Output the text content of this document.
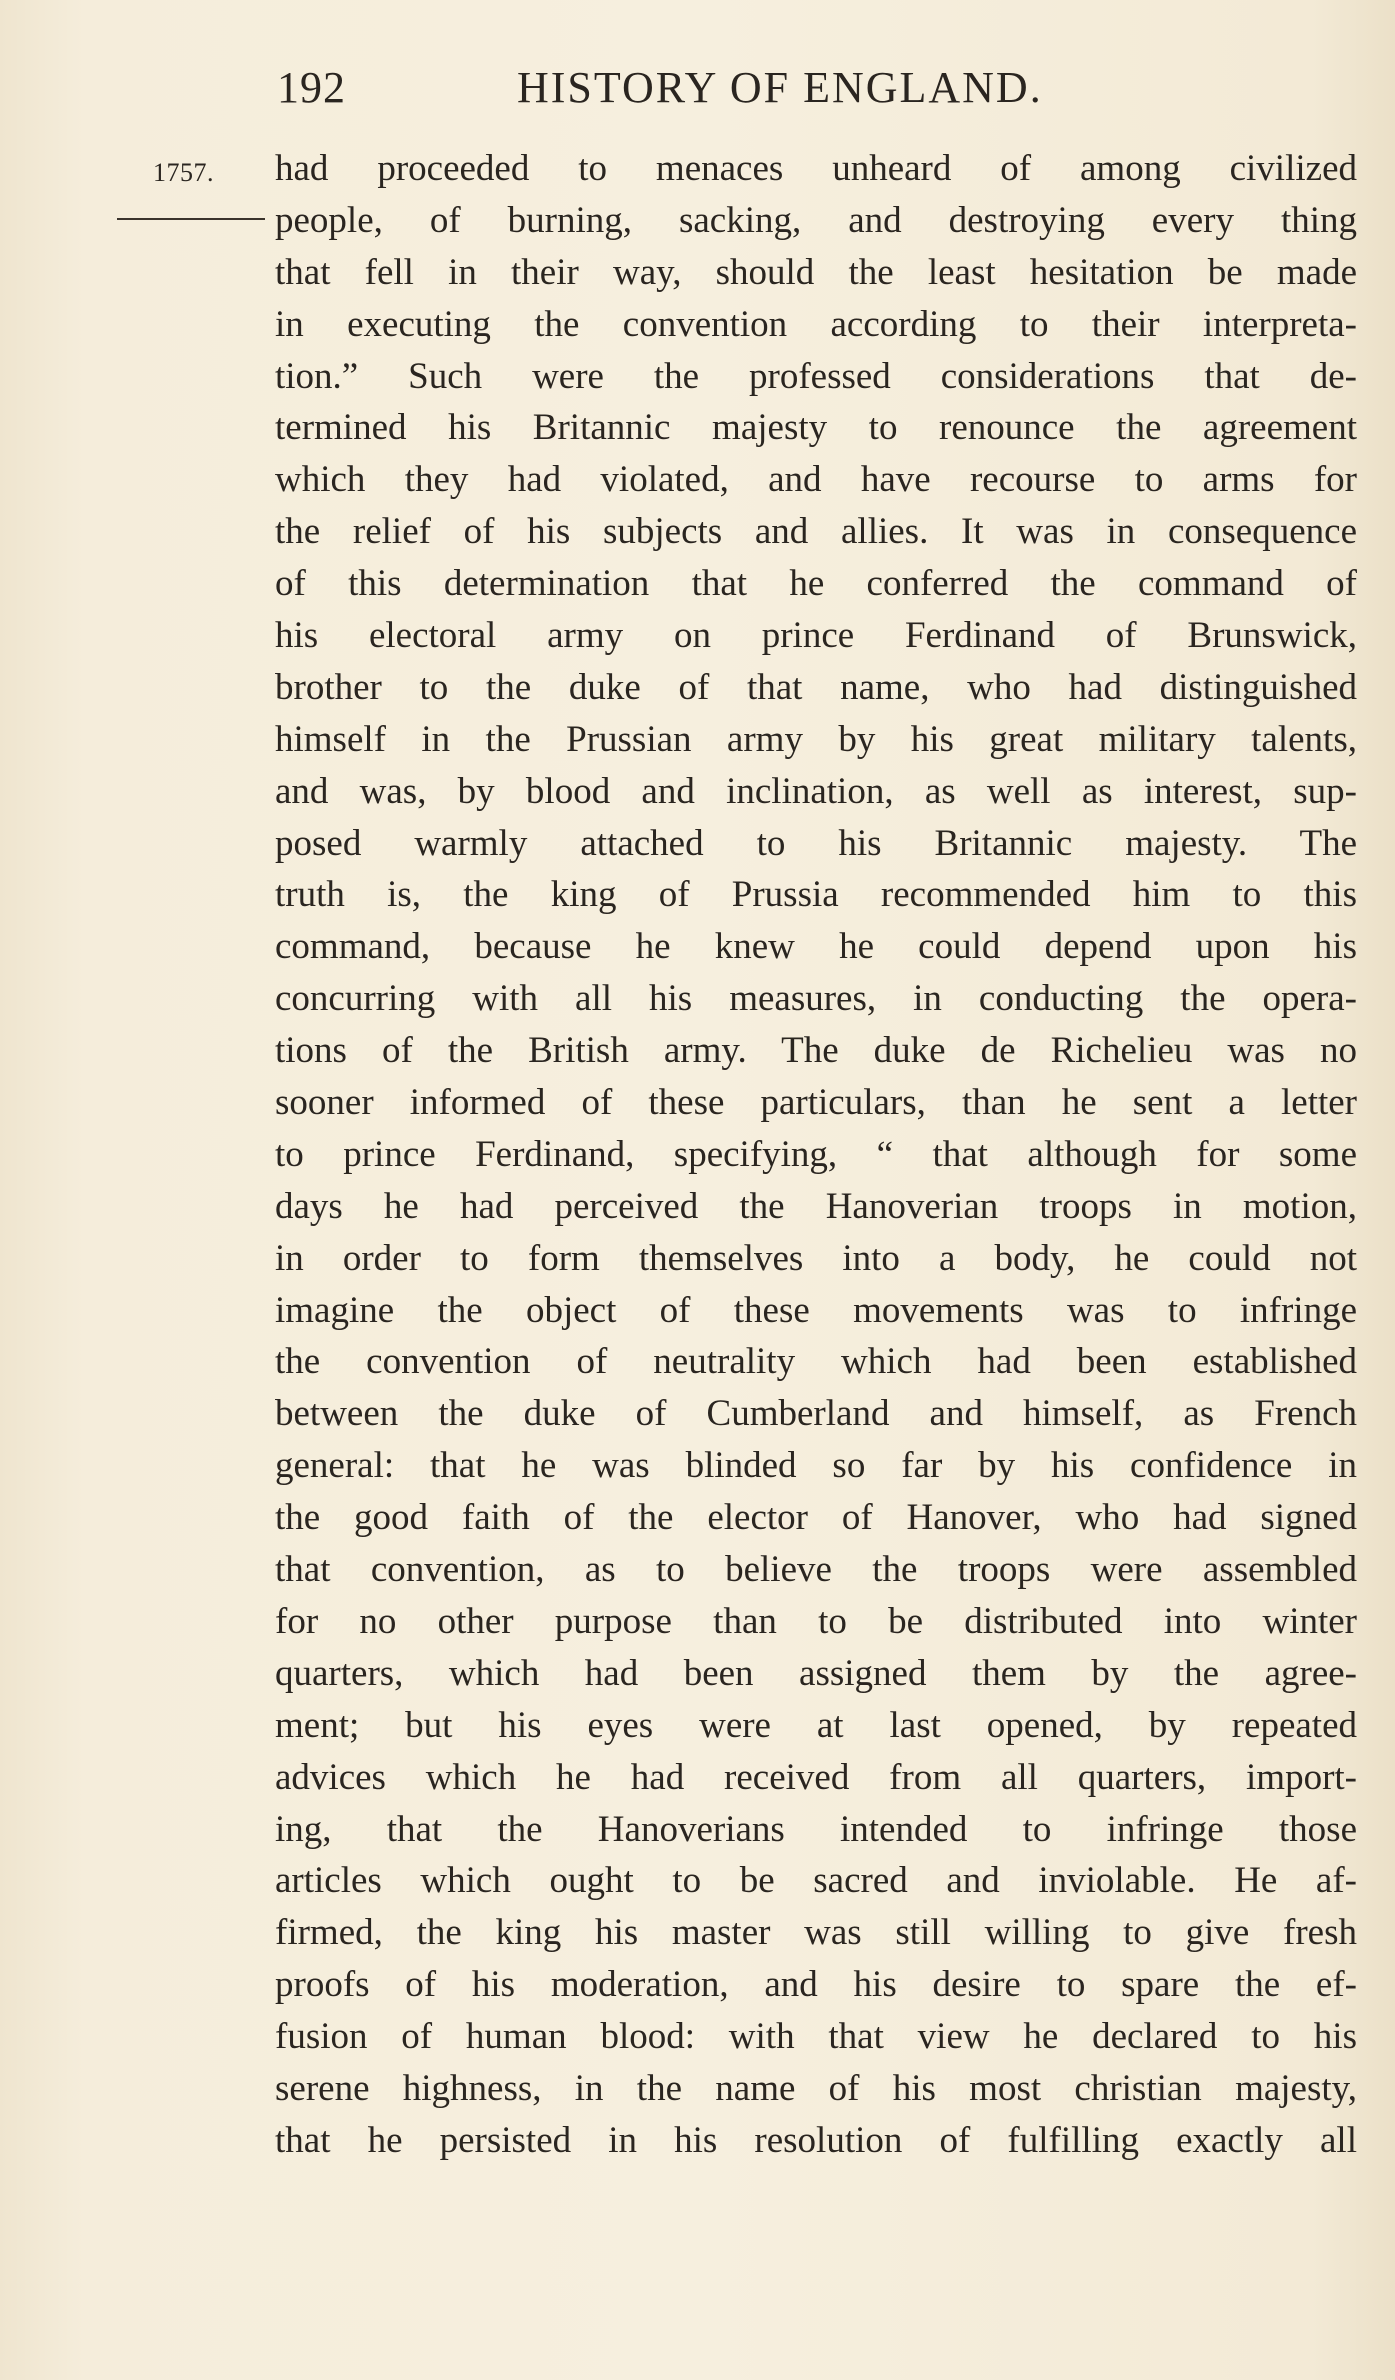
192	HISTORY OF ENGLAND.
1757. had proceeded to menaces unheard of among civilized
people, of burning, sacking, and destroying every thing
that fell in their way, should the least hesitation be made
in executing the convention according to their interpreta-
tion.” Such were the professed considerations that de-
termined his Britannic majesty to renounce the agreement
which they had violated, and have recourse to arms for
the relief of his subjects and allies. It was in consequence
of this determination that he conferred the command of
his electoral army on prince Ferdinand of Brunswick,
brother to the duke of that name, who had distinguished
himself in the Prussian army by his great military talents,
and was, by blood and inclination, as well as interest, sup-
posed warmly attached to his Britannic majesty. The
truth is, the king of Prussia recommended him to this
command, because he knew he could depend upon his
concurring with all his measures, in conducting the opera-
tions of the British army. The duke de Richelieu was no
sooner informed of these particulars, than he sent a letter
to prince Ferdinand, specifying, “ that although for some
days he had perceived the Hanoverian troops in motion,
in order to form themselves into a body, he could not
imagine the object of these movements was to infringe
the convention of neutrality which had been established
between the duke of Cumberland and himself, as French
general: that he was blinded so far by his confidence in
the good faith of the elector of Hanover, who had signed
that convention, as to believe the troops were assembled
for no other purpose than to be distributed into winter
quarters, which had been assigned them by the agree-
ment; but his eyes were at last opened, by repeated
advices which he had received from all quarters, import-
ing, that the Hanoverians intended to infringe those
articles which ought to be sacred and inviolable. He af-
firmed, the king his master was still willing to give fresh
proofs of his moderation, and his desire to spare the ef-
fusion of human blood: with that view he declared to his
serene highness, in the name of his most christian majesty,
that he persisted in his resolution of fulfilling exactly all
